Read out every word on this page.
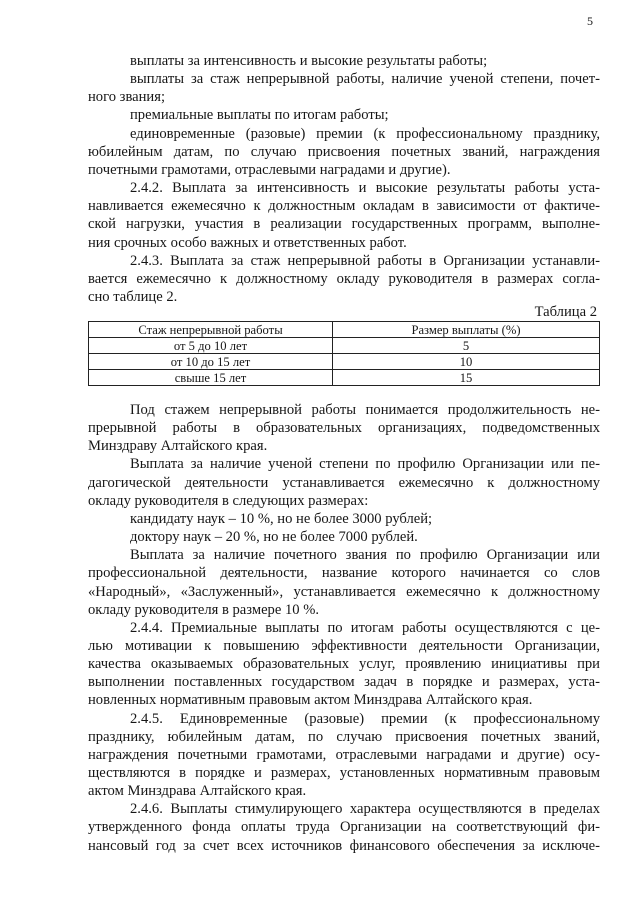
5
выплаты за интенсивность и высокие результаты работы;
выплаты за стаж непрерывной работы, наличие ученой степени, почет-
ного звания;
премиальные выплаты по итогам работы;
единовременные (разовые) премии (к профессиональному празднику,
юбилейным датам, по случаю присвоения почетных званий, награждения
почетными грамотами, отраслевыми наградами и другие).
2.4.2. Выплата за интенсивность и высокие результаты работы уста-
навливается ежемесячно к должностным окладам в зависимости от фактиче-
ской нагрузки, участия в реализации государственных программ, выполне-
ния срочных особо важных и ответственных работ.
2.4.3. Выплата за стаж непрерывной работы в Организации устанавли-
вается ежемесячно к должностному окладу руководителя в размерах согла-
сно таблице 2.
Таблица 2
Стаж непрерывной работы	Размер выплаты (%)
от 5 до 10 лет	5
от 10 до 15 лет	10
свыше 15 лет	15
Под стажем непрерывной работы понимается продолжительность не-
прерывной работы в образовательных организациях, подведомственных
Минздраву Алтайского края.
Выплата за наличие ученой степени по профилю Организации или пе-
дагогической деятельности устанавливается ежемесячно к должностному
окладу руководителя в следующих размерах:
кандидату наук – 10 %, но не более 3000 рублей;
доктору наук – 20 %, но не более 7000 рублей.
Выплата за наличие почетного звания по профилю Организации или
профессиональной деятельности, название которого начинается со слов
«Народный», «Заслуженный», устанавливается ежемесячно к должностному
окладу руководителя в размере 10 %.
2.4.4. Премиальные выплаты по итогам работы осуществляются с це-
лью мотивации к повышению эффективности деятельности Организации,
качества оказываемых образовательных услуг, проявлению инициативы при
выполнении поставленных государством задач в порядке и размерах, уста-
новленных нормативным правовым актом Минздрава Алтайского края.
2.4.5. Единовременные (разовые) премии (к профессиональному
празднику, юбилейным датам, по случаю присвоения почетных званий,
награждения почетными грамотами, отраслевыми наградами и другие) осу-
ществляются в порядке и размерах, установленных нормативным правовым
актом Минздрава Алтайского края.
2.4.6. Выплаты стимулирующего характера осуществляются в пределах
утвержденного фонда оплаты труда Организации на соответствующий фи-
нансовый год за счет всех источников финансового обеспечения за исключе-
